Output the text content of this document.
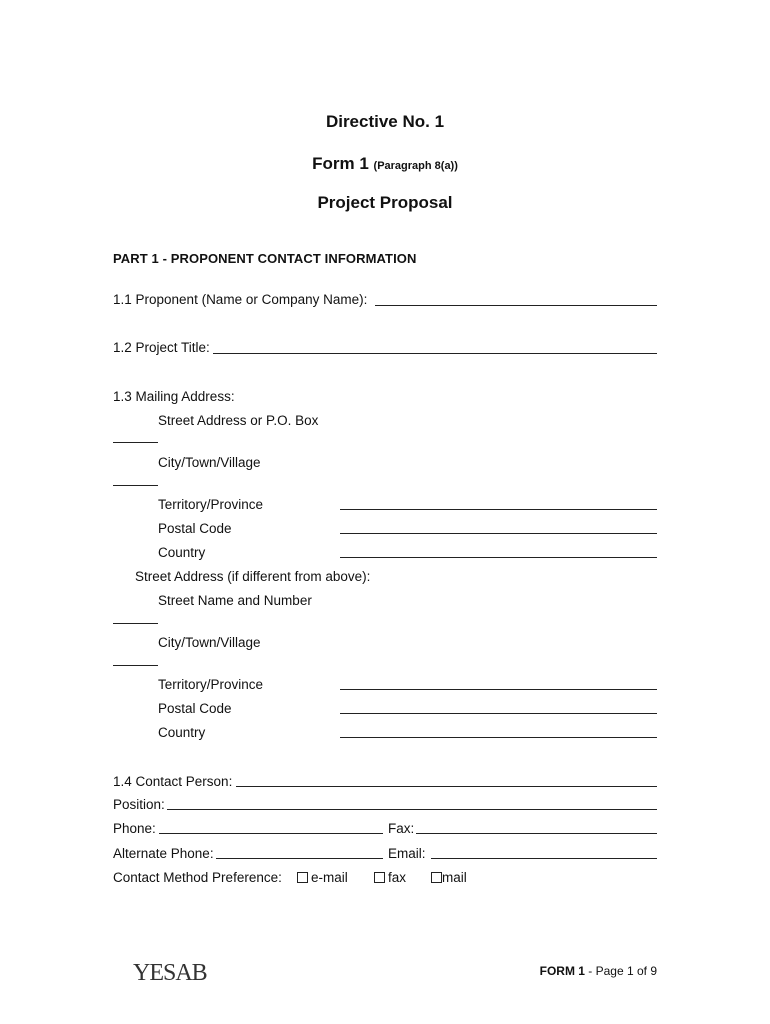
Directive No. 1
Form 1 (Paragraph 8(a))
Project Proposal
PART 1 - PROPONENT CONTACT INFORMATION
1.1 Proponent (Name or Company Name):
1.2 Project Title:
1.3 Mailing Address:
Street Address or P.O. Box
City/Town/Village
Territory/Province
Postal Code
Country
Street Address (if different from above):
Street Name and Number
City/Town/Village
Territory/Province
Postal Code
Country
1.4 Contact Person:
Position:
Phone:	Fax:
Alternate Phone:	Email:
Contact Method Preference:	e-mail	fax	mail
YESAB	FORM 1 - Page 1 of 9
